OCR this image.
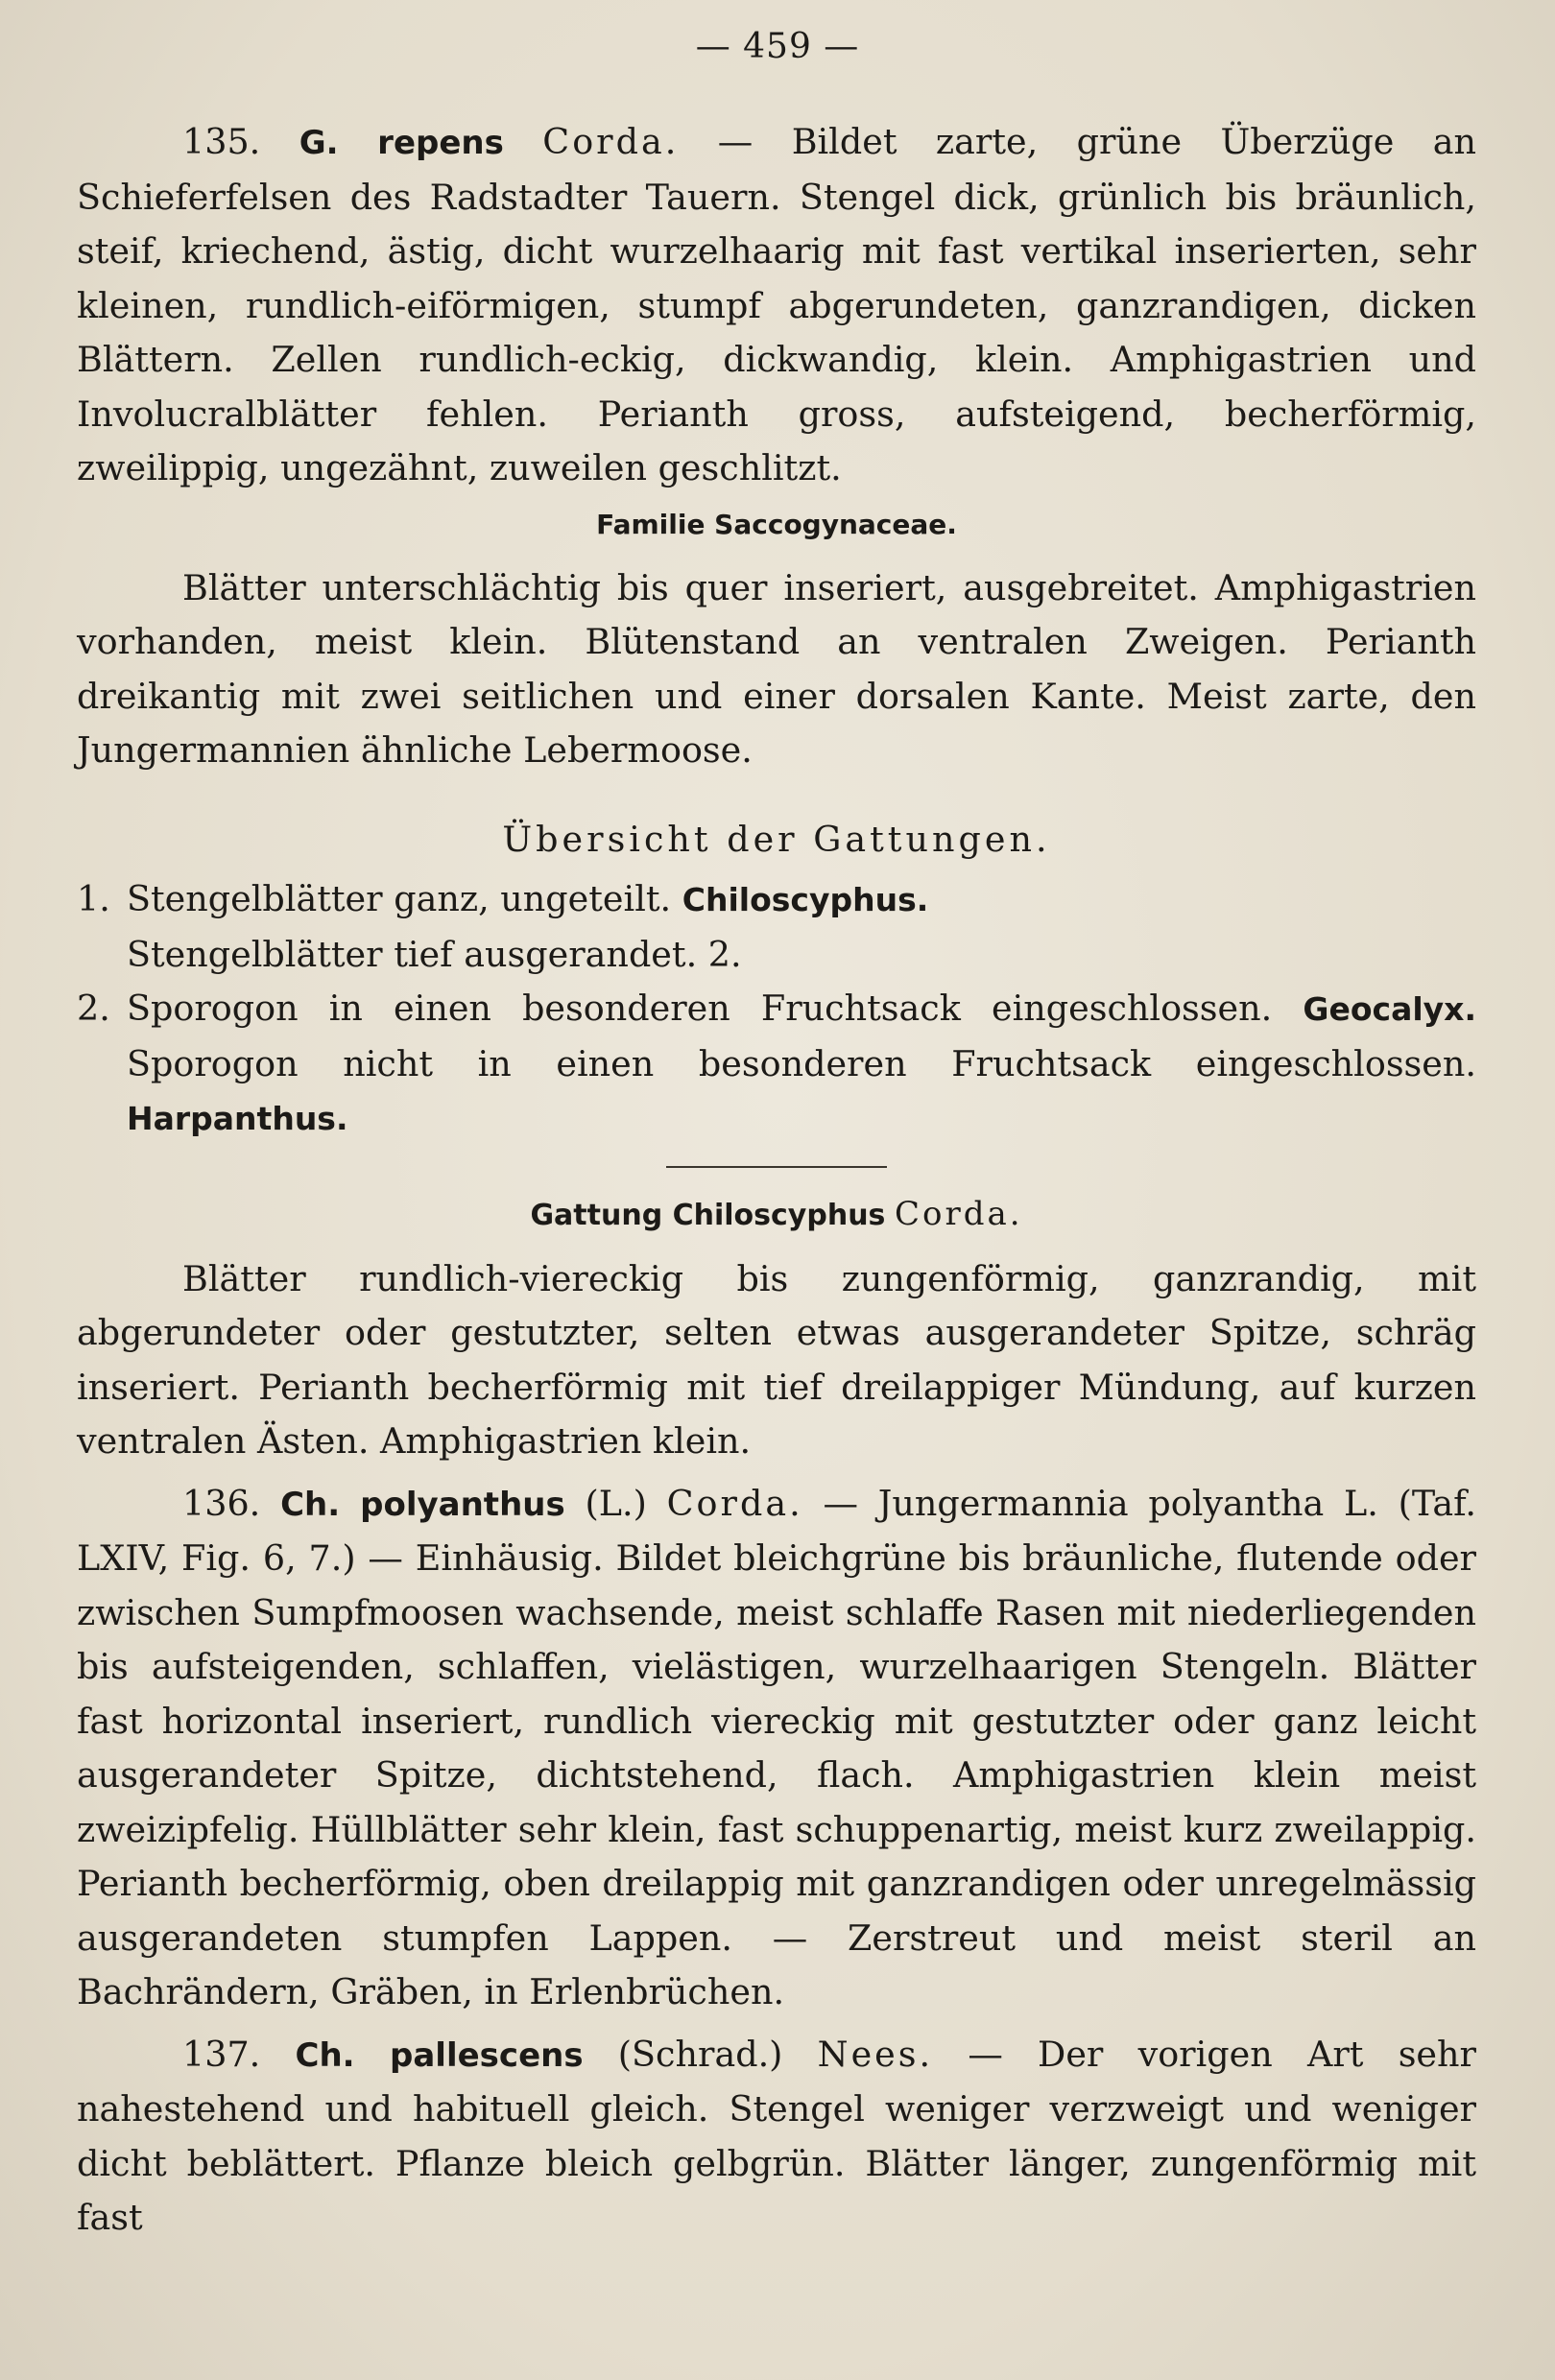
— 459 —

135. G. repens Corda. — Bildet zarte, grüne Überzüge an Schieferfelsen des Radstadter Tauern. Stengel dick, grünlich bis bräunlich, steif, kriechend, ästig, dicht wurzelhaarig mit fast vertikal inserierten, sehr kleinen, rundlich-eiförmigen, stumpf abgerundeten, ganzrandigen, dicken Blättern. Zellen rundlich-eckig, dickwandig, klein. Amphigastrien und Involucralblätter fehlen. Perianth gross, aufsteigend, becherförmig, zweilippig, ungezähnt, zuweilen geschlitzt.

Familie Saccogynaceae.

Blätter unterschlächtig bis quer inseriert, ausgebreitet. Amphigastrien vorhanden, meist klein. Blütenstand an ventralen Zweigen. Perianth dreikantig mit zwei seitlichen und einer dorsalen Kante. Meist zarte, den Jungermannien ähnliche Lebermoose.

Übersicht der Gattungen.
1. Stengelblätter ganz, ungeteilt. Chiloscyphus.
Stengelblätter tief ausgerandet. 2.
2. Sporogon in einen besonderen Fruchtsack eingeschlossen. Geocalyx.
Sporogon nicht in einen besonderen Fruchtsack eingeschlossen. Harpanthus.
Gattung Chiloscyphus Corda.

Blätter rundlich-viereckig bis zungenförmig, ganzrandig, mit abgerundeter oder gestutzter, selten etwas ausgerandeter Spitze, schräg inseriert. Perianth becherförmig mit tief dreilappiger Mündung, auf kurzen ventralen Ästen. Amphigastrien klein.

136. Ch. polyanthus (L.) Corda. — Jungermannia polyantha L. (Taf. LXIV, Fig. 6, 7.) — Einhäusig. Bildet bleichgrüne bis bräunliche, flutende oder zwischen Sumpfmoosen wachsende, meist schlaffe Rasen mit niederliegenden bis aufsteigenden, schlaffen, vielästigen, wurzelhaarigen Stengeln. Blätter fast horizontal inseriert, rundlich viereckig mit gestutzter oder ganz leicht ausgerandeter Spitze, dichtstehend, flach. Amphigastrien klein meist zweizipfelig. Hüllblätter sehr klein, fast schuppenartig, meist kurz zweilappig. Perianth becherförmig, oben dreilappig mit ganzrandigen oder unregelmässig ausgerandeten stumpfen Lappen. — Zerstreut und meist steril an Bachrändern, Gräben, in Erlenbrüchen.

137. Ch. pallescens (Schrad.) Nees. — Der vorigen Art sehr nahestehend und habituell gleich. Stengel weniger verzweigt und weniger dicht beblättert. Pflanze bleich gelbgrün. Blätter länger, zungenförmig mit fast
